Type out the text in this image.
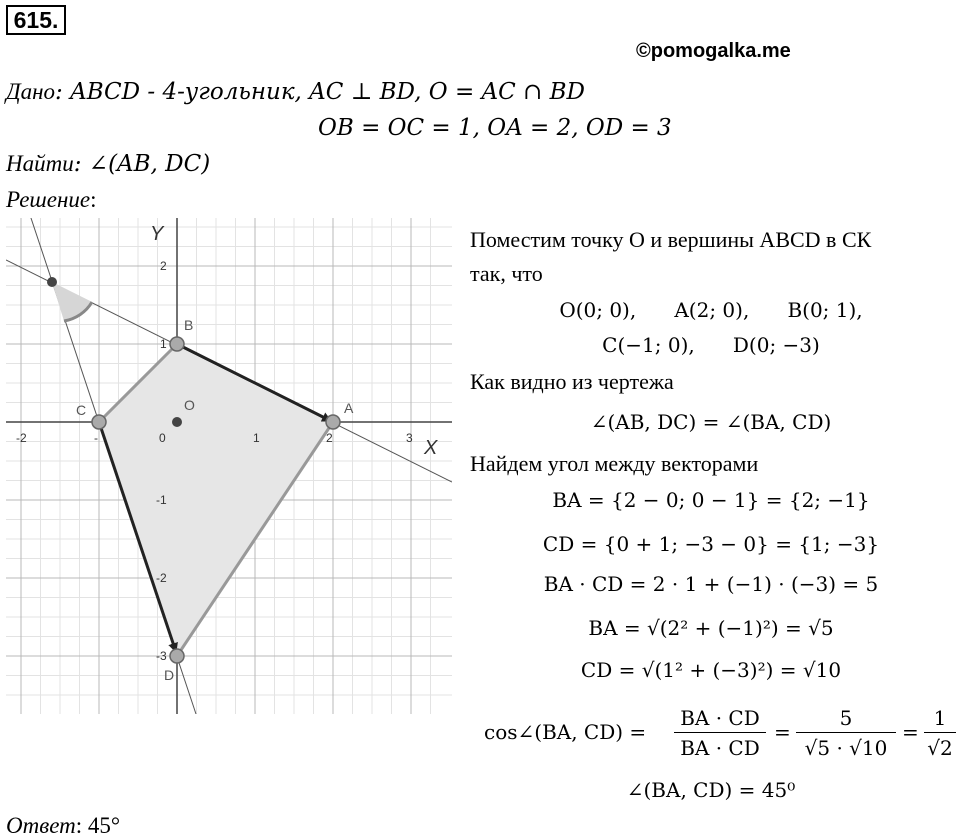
615.
©pomogalka.me
Дано: ABCD - 4-угольник, AC ⊥ BD, O = AC ∩ BD
OB = OC = 1, OA = 2, OD = 3
Найти: ∠(AB, DC)
Решение:
B
A
C
D
O
X
Y
-2	-	0	1	2	3
2
1
-1
-2
-3
Поместим точку O и вершины ABCD в СК
так, что
O(0; 0),      A(2; 0),      B(0; 1),
C(−1; 0),      D(0; −3)
Как видно из чертежа
∠(AB, DC) = ∠(BA, CD)
Найдем угол между векторами
BA = {2 − 0; 0 − 1} = {2; −1}
CD = {0 + 1; −3 − 0} = {1; −3}
BA · CD = 2 · 1 + (−1) · (−3) = 5
BA = √(2² + (−1)²) = √5
CD = √(1² + (−3)²) = √10
cos∠(BA, CD) =
BA · CD
BA · CD
=
5
√5 · √10
=
1
√2
∠(BA, CD) = 45⁰
Ответ: 45°
